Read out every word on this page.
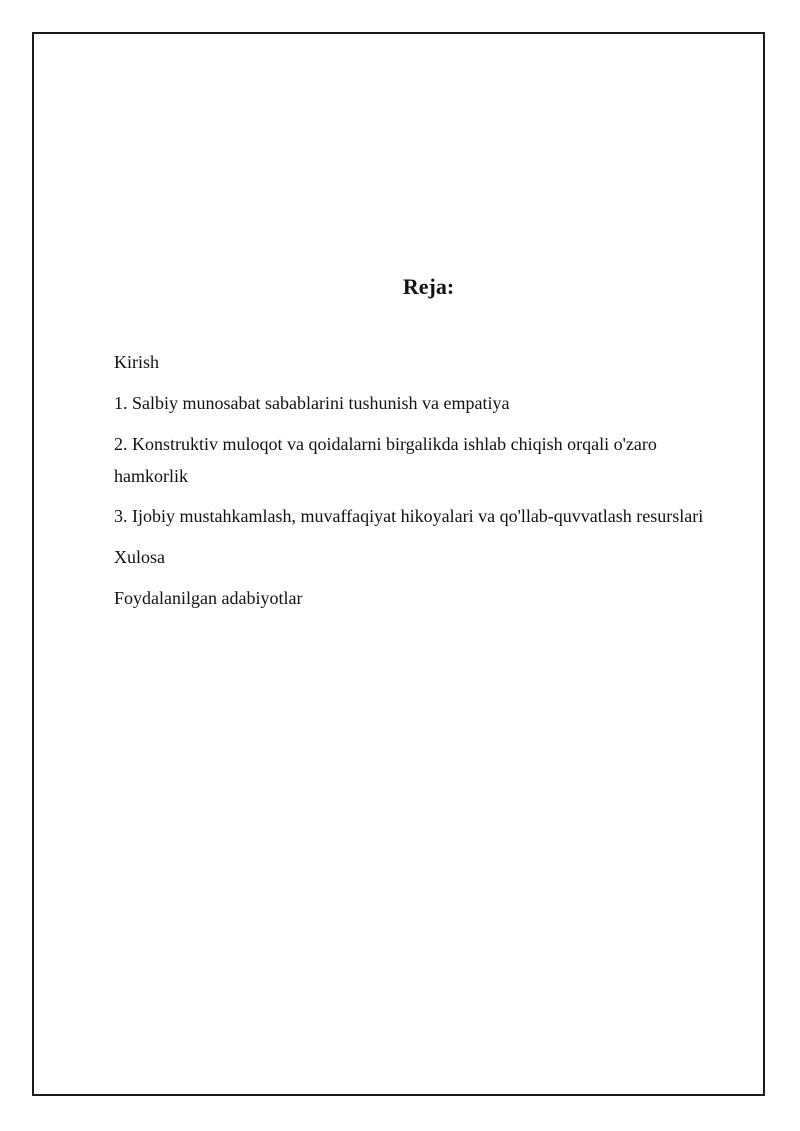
Reja:
Kirish
1. Salbiy munosabat sabablarini tushunish va empatiya
2. Konstruktiv muloqot va qoidalarni birgalikda ishlab chiqish orqali o'zaro hamkorlik
3. Ijobiy mustahkamlash, muvaffaqiyat hikoyalari va qo'llab-quvvatlash resurslari
Xulosa
Foydalanilgan adabiyotlar
